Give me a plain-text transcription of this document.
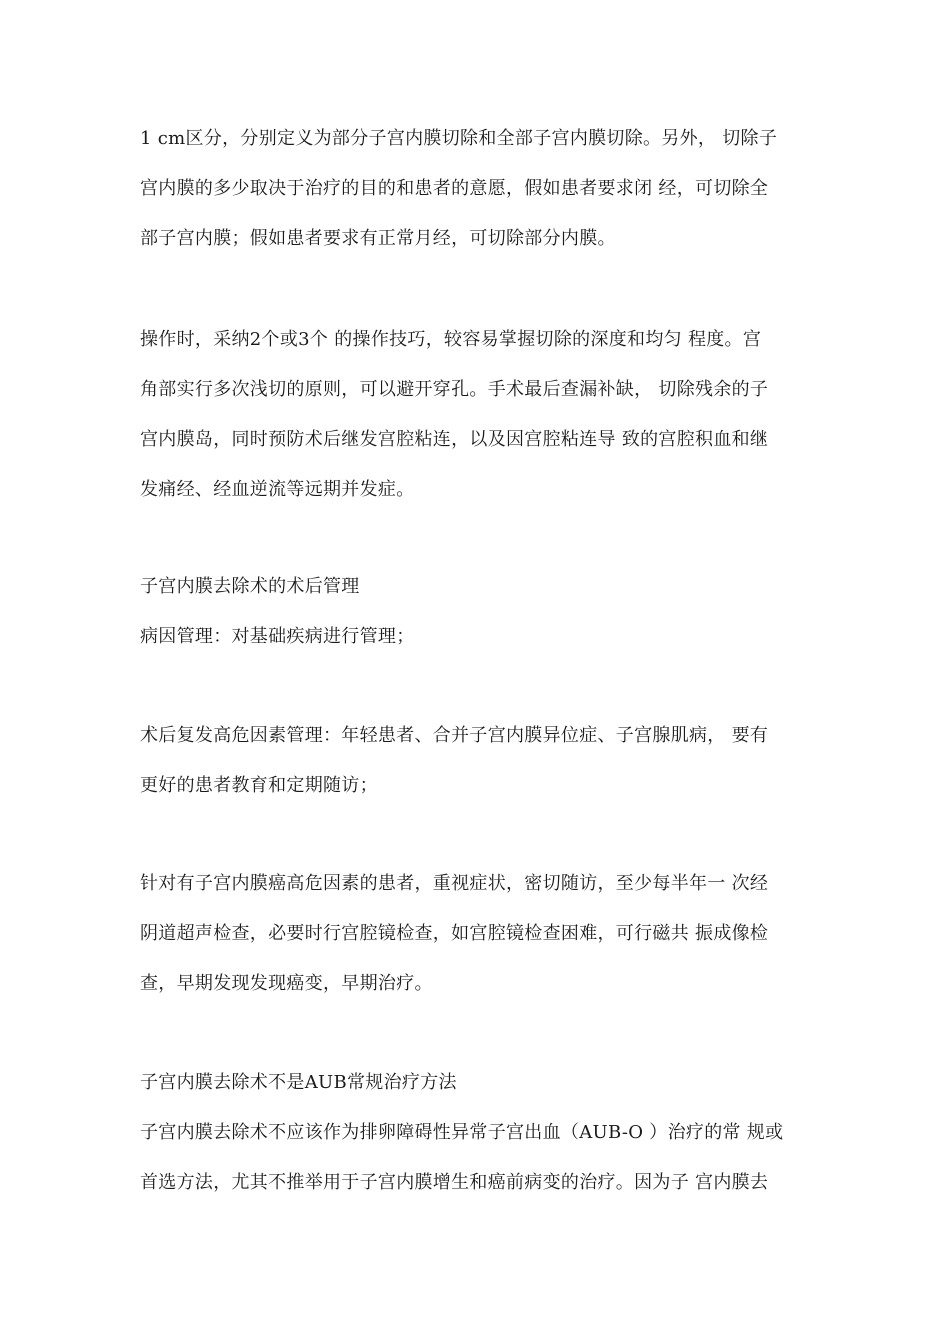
1 cm区分，分别定义为部分子宫内膜切除和全部子宫内膜切除。另外， 切除子
宫内膜的多少取决于治疗的目的和患者的意愿，假如患者要求闭 经，可切除全
部子宫内膜；假如患者要求有正常月经，可切除部分内膜。
操作时，采纳2个或3个 的操作技巧，较容易掌握切除的深度和均匀 程度。宫
角部实行多次浅切的原则，可以避开穿孔。手术最后查漏补缺， 切除残余的子
宫内膜岛，同时预防术后继发宫腔粘连，以及因宫腔粘连导 致的宫腔积血和继
发痛经、经血逆流等远期并发症。
子宫内膜去除术的术后管理
病因管理：对基础疾病进行管理；
术后复发高危因素管理：年轻患者、合并子宫内膜异位症、子宫腺肌病， 要有
更好的患者教育和定期随访；
针对有子宫内膜癌高危因素的患者，重视症状，密切随访，至少每半年一 次经
阴道超声检查，必要时行宫腔镜检查，如宫腔镜检查困难，可行磁共 振成像检
查，早期发现发现癌变，早期治疗。
子宫内膜去除术不是AUB常规治疗方法
子宫内膜去除术不应该作为排卵障碍性异常子宫出血（AUB-O ）治疗的常 规或
首选方法，尤其不推举用于子宫内膜增生和癌前病变的治疗。因为子 宫内膜去
